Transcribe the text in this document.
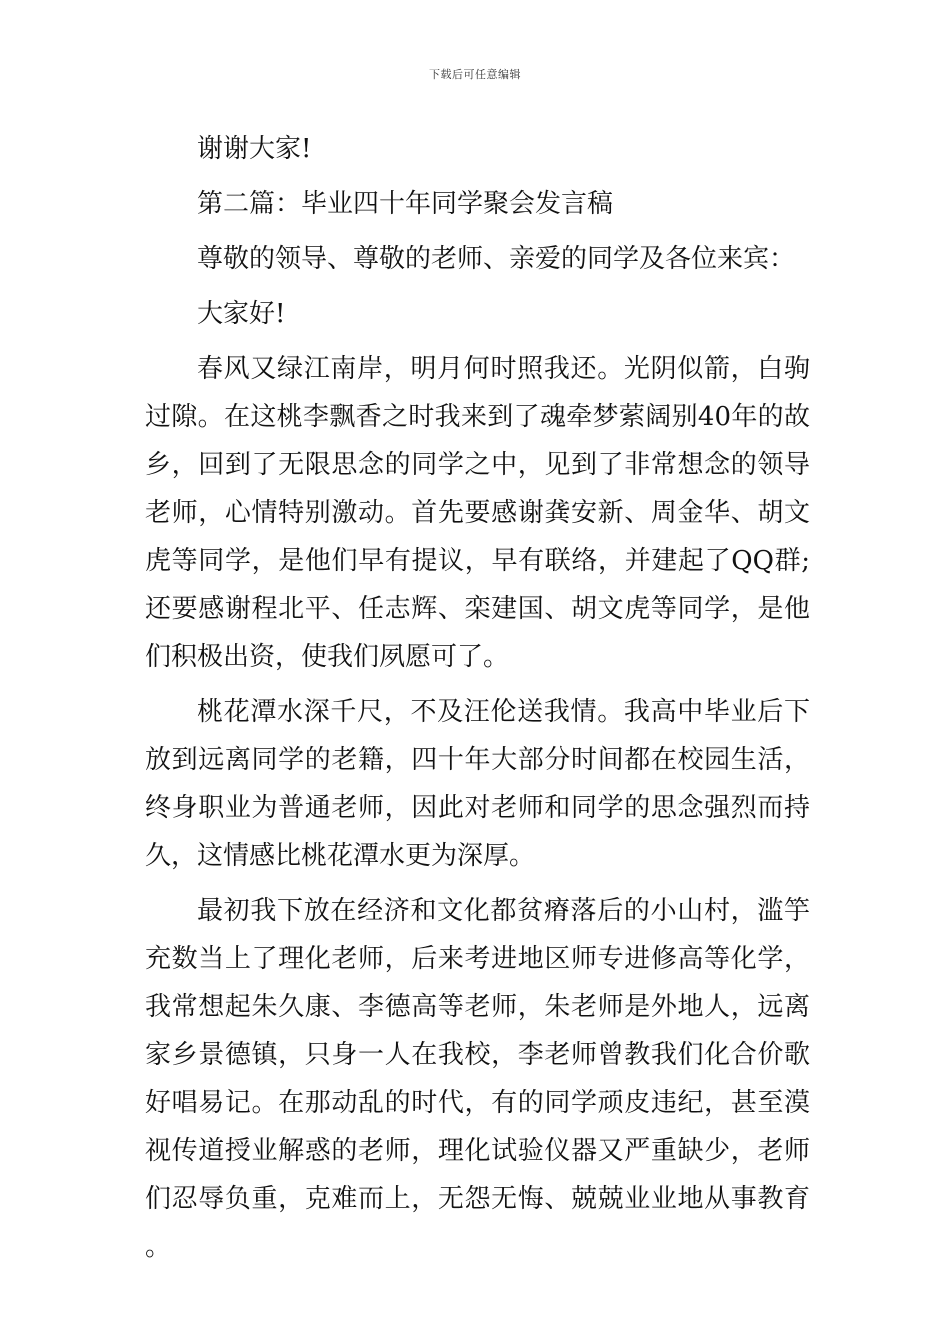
下载后可任意编辑

谢谢大家!

第二篇：毕业四十年同学聚会发言稿

尊敬的领导、尊敬的老师、亲爱的同学及各位来宾：

大家好!

春风又绿江南岸，明月何时照我还。光阴似箭，白驹过隙。在这桃李飘香之时我来到了魂牵梦萦阔别40年的故乡，回到了无限思念的同学之中，见到了非常想念的领导老师，心情特别激动。首先要感谢龚安新、周金华、胡文虎等同学，是他们早有提议，早有联络，并建起了QQ群;还要感谢程北平、任志辉、栾建国、胡文虎等同学，是他们积极出资，使我们夙愿可了。

桃花潭水深千尺，不及汪伦送我情。我高中毕业后下放到远离同学的老籍，四十年大部分时间都在校园生活，终身职业为普通老师，因此对老师和同学的思念强烈而持久，这情感比桃花潭水更为深厚。

最初我下放在经济和文化都贫瘠落后的小山村，滥竽充数当上了理化老师，后来考进地区师专进修高等化学，我常想起朱久康、李德高等老师，朱老师是外地人，远离家乡景德镇，只身一人在我校，李老师曾教我们化合价歌好唱易记。在那动乱的时代，有的同学顽皮违纪，甚至漠视传道授业解惑的老师，理化试验仪器又严重缺少，老师们忍辱负重，克难而上，无怨无悔、兢兢业业地从事教育。
